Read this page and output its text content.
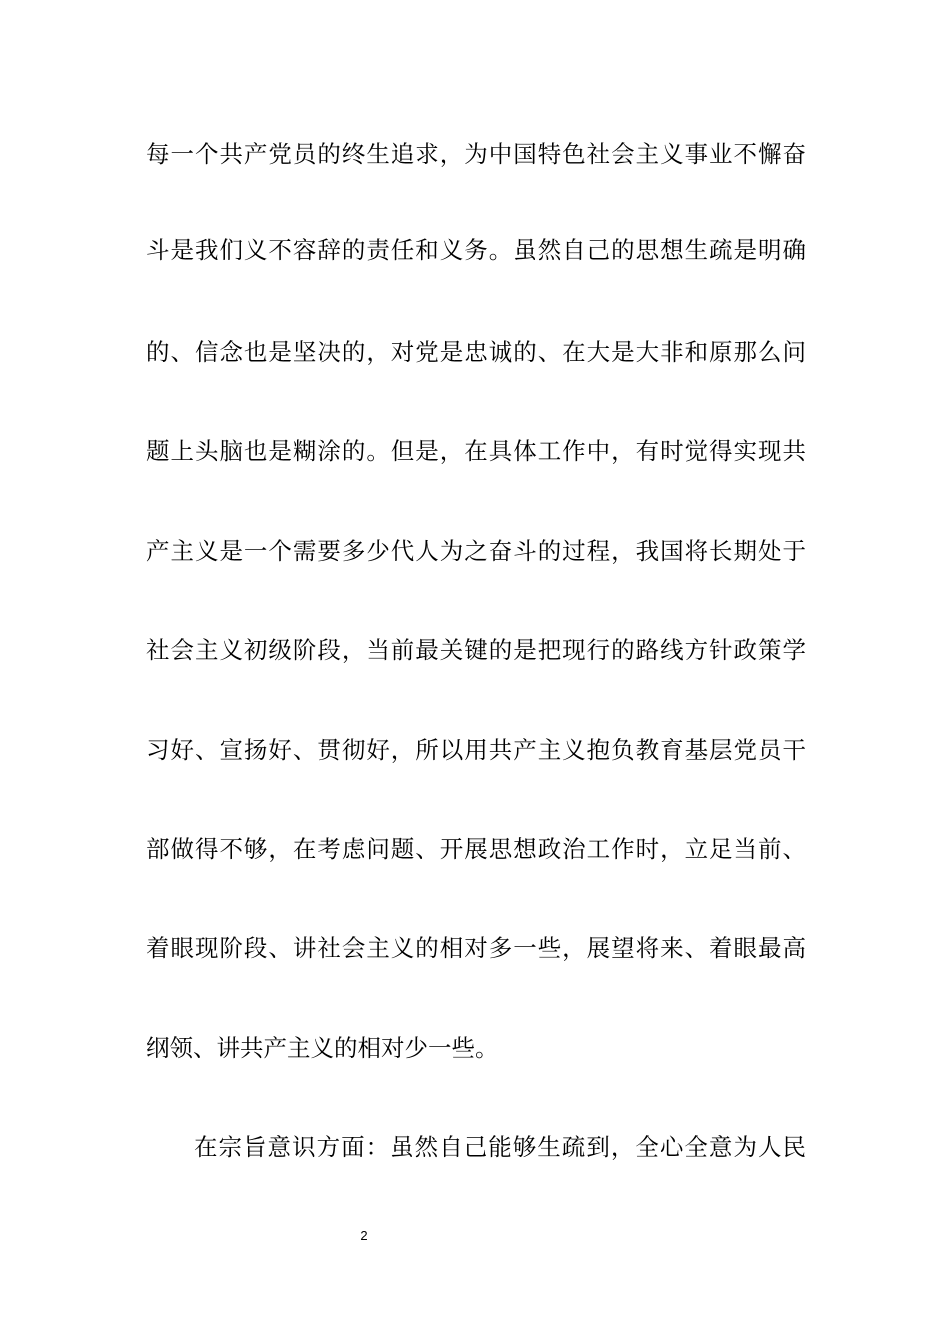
每一个共产党员的终生追求，为中国特色社会主义事业不懈奋
斗是我们义不容辞的责任和义务。虽然自己的思想生疏是明确
的、信念也是坚决的，对党是忠诚的、在大是大非和原那么问
题上头脑也是糊涂的。但是，在具体工作中，有时觉得实现共
产主义是一个需要多少代人为之奋斗的过程，我国将长期处于
社会主义初级阶段，当前最关键的是把现行的路线方针政策学
习好、宣扬好、贯彻好，所以用共产主义抱负教育基层党员干
部做得不够，在考虑问题、开展思想政治工作时，立足当前、
着眼现阶段、讲社会主义的相对多一些，展望将来、着眼最高
纲领、讲共产主义的相对少一些。
在宗旨意识方面：虽然自己能够生疏到，全心全意为人民
2
